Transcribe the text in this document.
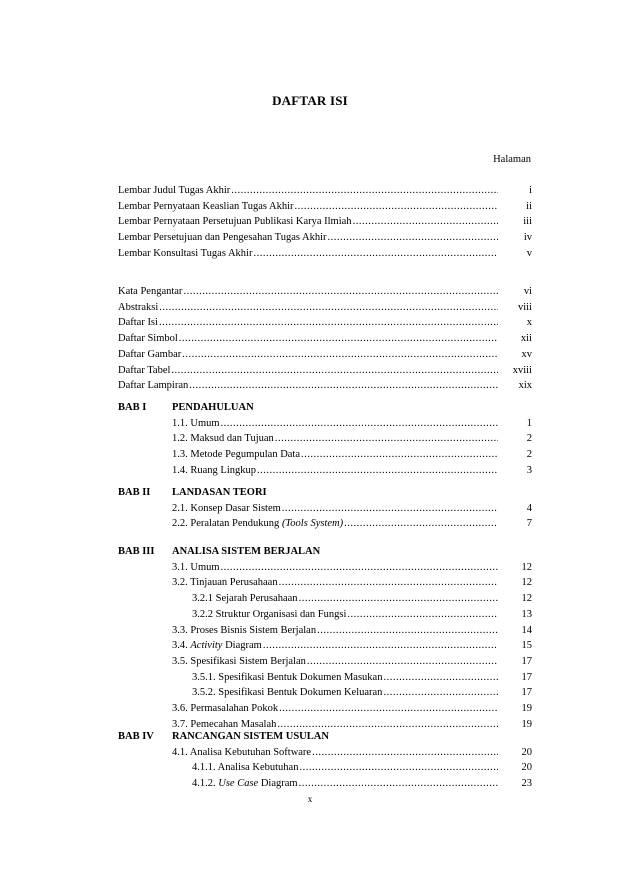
DAFTAR ISI
Halaman
Lembar Judul Tugas Akhir .....	i
Lembar Pernyataan Keaslian Tugas Akhir .....	ii
Lembar Pernyataan Persetujuan Publikasi Karya Ilmiah .....	iii
Lembar Persetujuan dan Pengesahan Tugas Akhir .....	iv
Lembar Konsultasi Tugas Akhir .....	v
Kata Pengantar .....	vi
Abstraksi .....	viii
Daftar Isi .....	x
Daftar Simbol .....	xii
Daftar Gambar .....	xv
Daftar Tabel .....	xviii
Daftar Lampiran .....	xix
BAB I PENDAHULUAN
1.1. Umum .....	1
1.2. Maksud dan Tujuan .....	2
1.3. Metode Pegumpulan Data .....	2
1.4. Ruang Lingkup .....	3
BAB II LANDASAN TEORI
2.1. Konsep Dasar Sistem .....	4
2.2. Peralatan Pendukung (Tools System) .....	7
BAB III ANALISA SISTEM BERJALAN
3.1. Umum .....	12
3.2. Tinjauan Perusahaan .....	12
3.2.1 Sejarah Perusahaan .....	12
3.2.2 Struktur Organisasi dan Fungsi .....	13
3.3. Proses Bisnis Sistem Berjalan .....	14
3.4. Activity Diagram .....	15
3.5. Spesifikasi Sistem Berjalan .....	17
3.5.1. Spesifikasi Bentuk Dokumen Masukan .....	17
3.5.2. Spesifikasi Bentuk Dokumen Keluaran .....	17
3.6. Permasalahan Pokok .....	19
3.7. Pemecahan Masalah .....	19
BAB IV RANCANGAN SISTEM USULAN
4.1. Analisa Kebutuhan Software .....	20
4.1.1. Analisa Kebutuhan .....	20
4.1.2. Use Case Diagram .....	23
x
